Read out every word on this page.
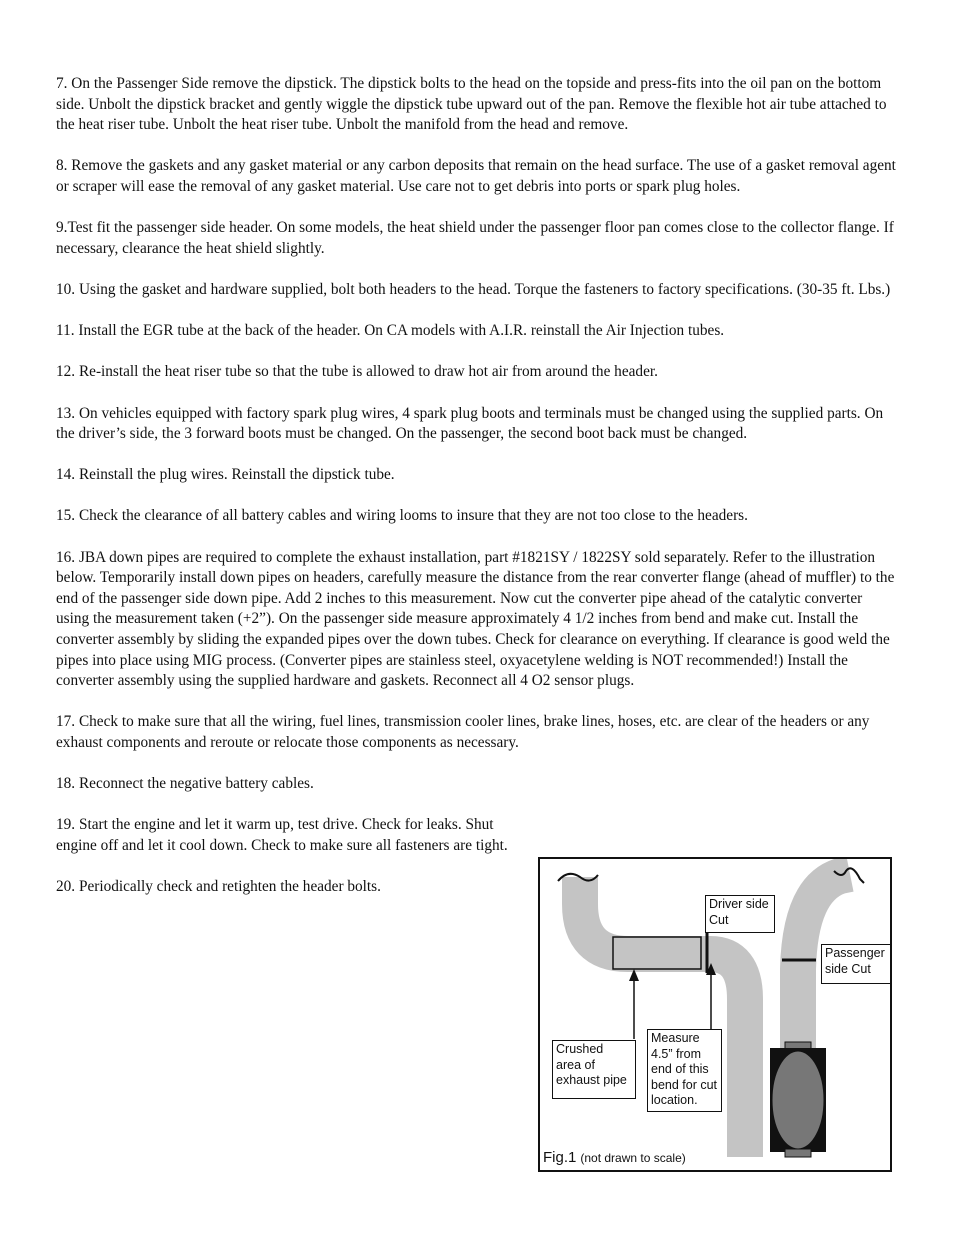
7. On the Passenger Side remove the dipstick. The dipstick bolts to the head on the topside and press-fits into the oil pan on the bottom side. Unbolt the dipstick bracket and gently wiggle the dipstick tube upward out of the pan. Remove the flexible hot air tube attached to the heat riser tube. Unbolt the heat riser tube. Unbolt the manifold from the head and remove.

8. Remove the gaskets and any gasket material or any carbon deposits that remain on the head surface. The use of a gasket removal agent or scraper will ease the removal of any gasket material. Use care not to get debris into ports or spark plug holes.

9.Test fit the passenger side header. On some models, the heat shield under the passenger floor pan comes close to the collector flange. If necessary, clearance the heat shield slightly.

10. Using the gasket and hardware supplied, bolt both headers to the head. Torque the fasteners to factory specifications. (30-35 ft. Lbs.)

11. Install the EGR tube at the back of the header. On CA models with A.I.R. reinstall the Air Injection tubes.

12. Re-install the heat riser tube so that the tube is allowed to draw hot air from around the header.

13. On vehicles equipped with factory spark plug wires, 4 spark plug boots and terminals must be changed using the supplied parts. On the driver’s side, the 3 forward boots must be changed. On the passenger, the second boot back must be changed.

14. Reinstall the plug wires. Reinstall the dipstick tube.

15. Check the clearance of all battery cables and wiring looms to insure that they are not too close to the headers.

16. JBA down pipes are required to complete the exhaust installation, part #1821SY / 1822SY sold separately. Refer to the illustration below. Temporarily install down pipes on headers, carefully measure the distance from the rear converter flange (ahead of muffler) to the end of the passenger side down pipe. Add 2 inches to this measurement. Now cut the converter pipe ahead of the catalytic converter using the measurement taken (+2”). On the passenger side measure approximately 4 1/2 inches from bend and make cut. Install the converter assembly by sliding the expanded pipes over the down tubes. Check for clearance on everything. If clearance is good weld the pipes into place using MIG process. (Converter pipes are stainless steel, oxyacetylene welding is NOT recommended!) Install the converter assembly using the supplied hardware and gaskets. Reconnect all 4 O2 sensor plugs.

17. Check to make sure that all the wiring, fuel lines, transmission cooler lines, brake lines, hoses, etc. are clear of the headers or any exhaust components and reroute or relocate those components as necessary.

18. Reconnect the negative battery cables.

19. Start the engine and let it warm up, test drive. Check for leaks. Shut engine off and let it cool down. Check to make sure all fasteners are tight.

20. Periodically check and retighten the header bolts.

Driver side
Cut
Passenger
side Cut
Crushed
area of
exhaust pipe
Measure
4.5” from
end of this
bend for cut
location.
Fig.1 (not drawn to scale)
